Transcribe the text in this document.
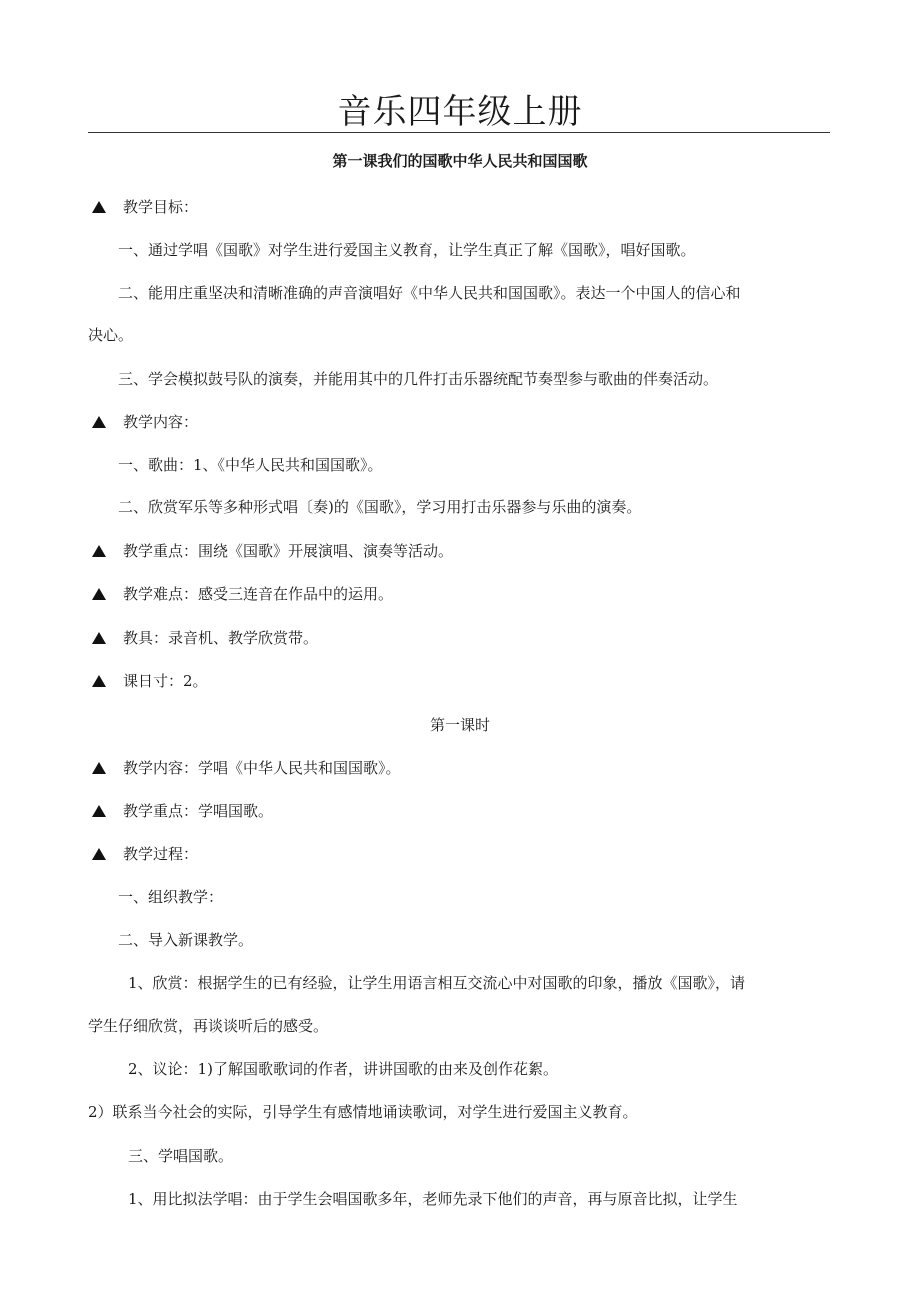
音乐四年级上册
第一课我们的国歌中华人民共和国国歌
教学目标：
一、通过学唱《国歌》对学生进行爱国主义教育，让学生真正了解《国歌》，唱好国歌。
二、能用庄重坚决和清晰准确的声音演唱好《中华人民共和国国歌》。表达一个中国人的信心和
决心。
三、学会模拟鼓号队的演奏，并能用其中的几件打击乐器统配节奏型参与歌曲的伴奏活动。
教学内容：
一、歌曲：1、《中华人民共和国国歌》。
二、欣赏军乐等多种形式唱〔奏)的《国歌》，学习用打击乐器参与乐曲的演奏。
教学重点：围绕《国歌》开展演唱、演奏等活动。
教学难点：感受三连音在作品中的运用。
教具：录音机、教学欣赏带。
课日寸：2。
第一课时
教学内容：学唱《中华人民共和国国歌》。
教学重点：学唱国歌。
教学过程：
一、组织教学：
二、导入新课教学。
1、欣赏：根据学生的已有经验，让学生用语言相互交流心中对国歌的印象，播放《国歌》，请
学生仔细欣赏，再谈谈听后的感受。
2、议论：1)了解国歌歌词的作者，讲讲国歌的由来及创作花絮。
2）联系当今社会的实际，引导学生有感情地诵读歌词，对学生进行爱国主义教育。
三、学唱国歌。
1、用比拟法学唱：由于学生会唱国歌多年，老师先录下他们的声音，再与原音比拟，让学生
